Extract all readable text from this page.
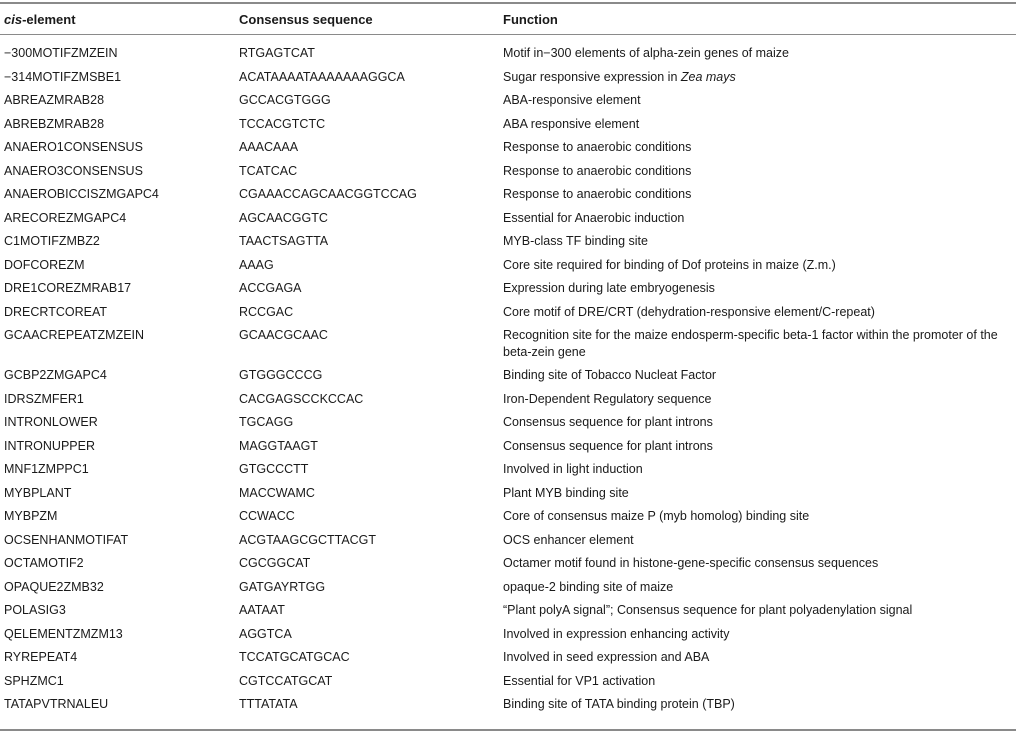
cis-element	Consensus sequence	Function

−300MOTIFZMZEIN	RTGAGTCAT	Motif in−300 elements of alpha-zein genes of maize
−314MOTIFZMSBE1	ACATAAAATAAAAAAAGGCA	Sugar responsive expression in Zea mays
ABREAZMRAB28	GCCACGTGGG	ABA-responsive element
ABREBZMRAB28	TCCACGTCTC	ABA responsive element
ANAERO1CONSENSUS	AAACAAA	Response to anaerobic conditions
ANAERO3CONSENSUS	TCATCAC	Response to anaerobic conditions
ANAEROBICCISZMGAPC4	CGAAACCAGCAACGGTCCAG	Response to anaerobic conditions
ARECOREZMGAPC4	AGCAACGGTC	Essential for Anaerobic induction
C1MOTIFZMBZ2	TAACTSAGTTA	MYB-class TF binding site
DOFCOREZM	AAAG	Core site required for binding of Dof proteins in maize (Z.m.)
DRE1COREZMRAB17	ACCGAGA	Expression during late embryogenesis
DRECRTCOREAT	RCCGAC	Core motif of DRE/CRT (dehydration-responsive element/C-repeat)
GCAACREPEATZMZEIN	GCAACGCAAC	Recognition site for the maize endosperm-specific beta-1 factor within the promoter of the beta-zein gene
GCBP2ZMGAPC4	GTGGGCCCG	Binding site of Tobacco Nucleat Factor
IDRSZMFER1	CACGAGSCCKCCAC	Iron-Dependent Regulatory sequence
INTRONLOWER	TGCAGG	Consensus sequence for plant introns
INTRONUPPER	MAGGTAAGT	Consensus sequence for plant introns
MNF1ZMPPC1	GTGCCCTT	Involved in light induction
MYBPLANT	MACCWAMC	Plant MYB binding site
MYBPZM	CCWACC	Core of consensus maize P (myb homolog) binding site
OCSENHANMOTIFAT	ACGTAAGCGCTTACGT	OCS enhancer element
OCTAMOTIF2	CGCGGCAT	Octamer motif found in histone-gene-specific consensus sequences
OPAQUE2ZMB32	GATGAYRTGG	opaque-2 binding site of maize
POLASIG3	AATAAT	“Plant polyA signal”; Consensus sequence for plant polyadenylation signal
QELEMENTZMZM13	AGGTCA	Involved in expression enhancing activity
RYREPEAT4	TCCATGCATGCAC	Involved in seed expression and ABA
SPHZMC1	CGTCCATGCAT	Essential for VP1 activation
TATAPVTRNALEU	TTTATATA	Binding site of TATA binding protein (TBP)
